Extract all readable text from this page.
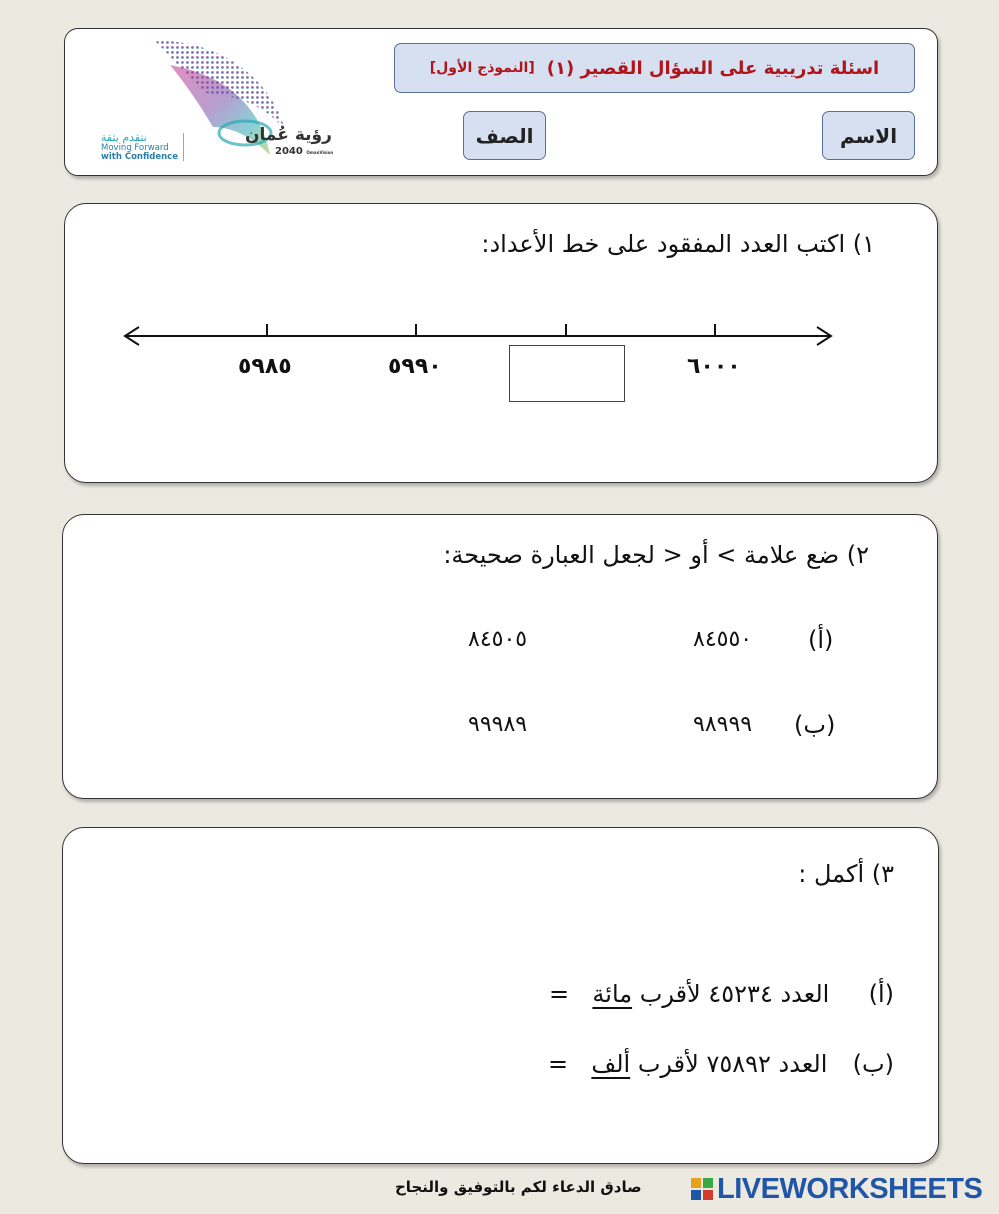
اسئلة تدريبية على السؤال القصير (١)
[النموذج الأول]
الاسم
الصف
رؤية عُمان
2040 OmanVision
نتقدم بثقة
Moving Forward
with Confidence
١) اكتب العدد المفقود على خط الأعداد:
٥٩٨٥	٥٩٩٠	٦٠٠٠
٢) ضع علامة > أو < لجعل العبارة صحيحة:
(أ)
٨٤٥٥٠
٨٤٥٠٥
(ب)
٩٨٩٩٩
٩٩٩٨٩
٣) أكمل :
(أ)  العدد ٤٥٢٣٤ لأقرب مائة  =
(ب)  العدد ٧٥٨٩٢ لأقرب ألف  =
صادق الدعاء لكم بالتوفيق والنجاح	LIVEWORKSHEETS
